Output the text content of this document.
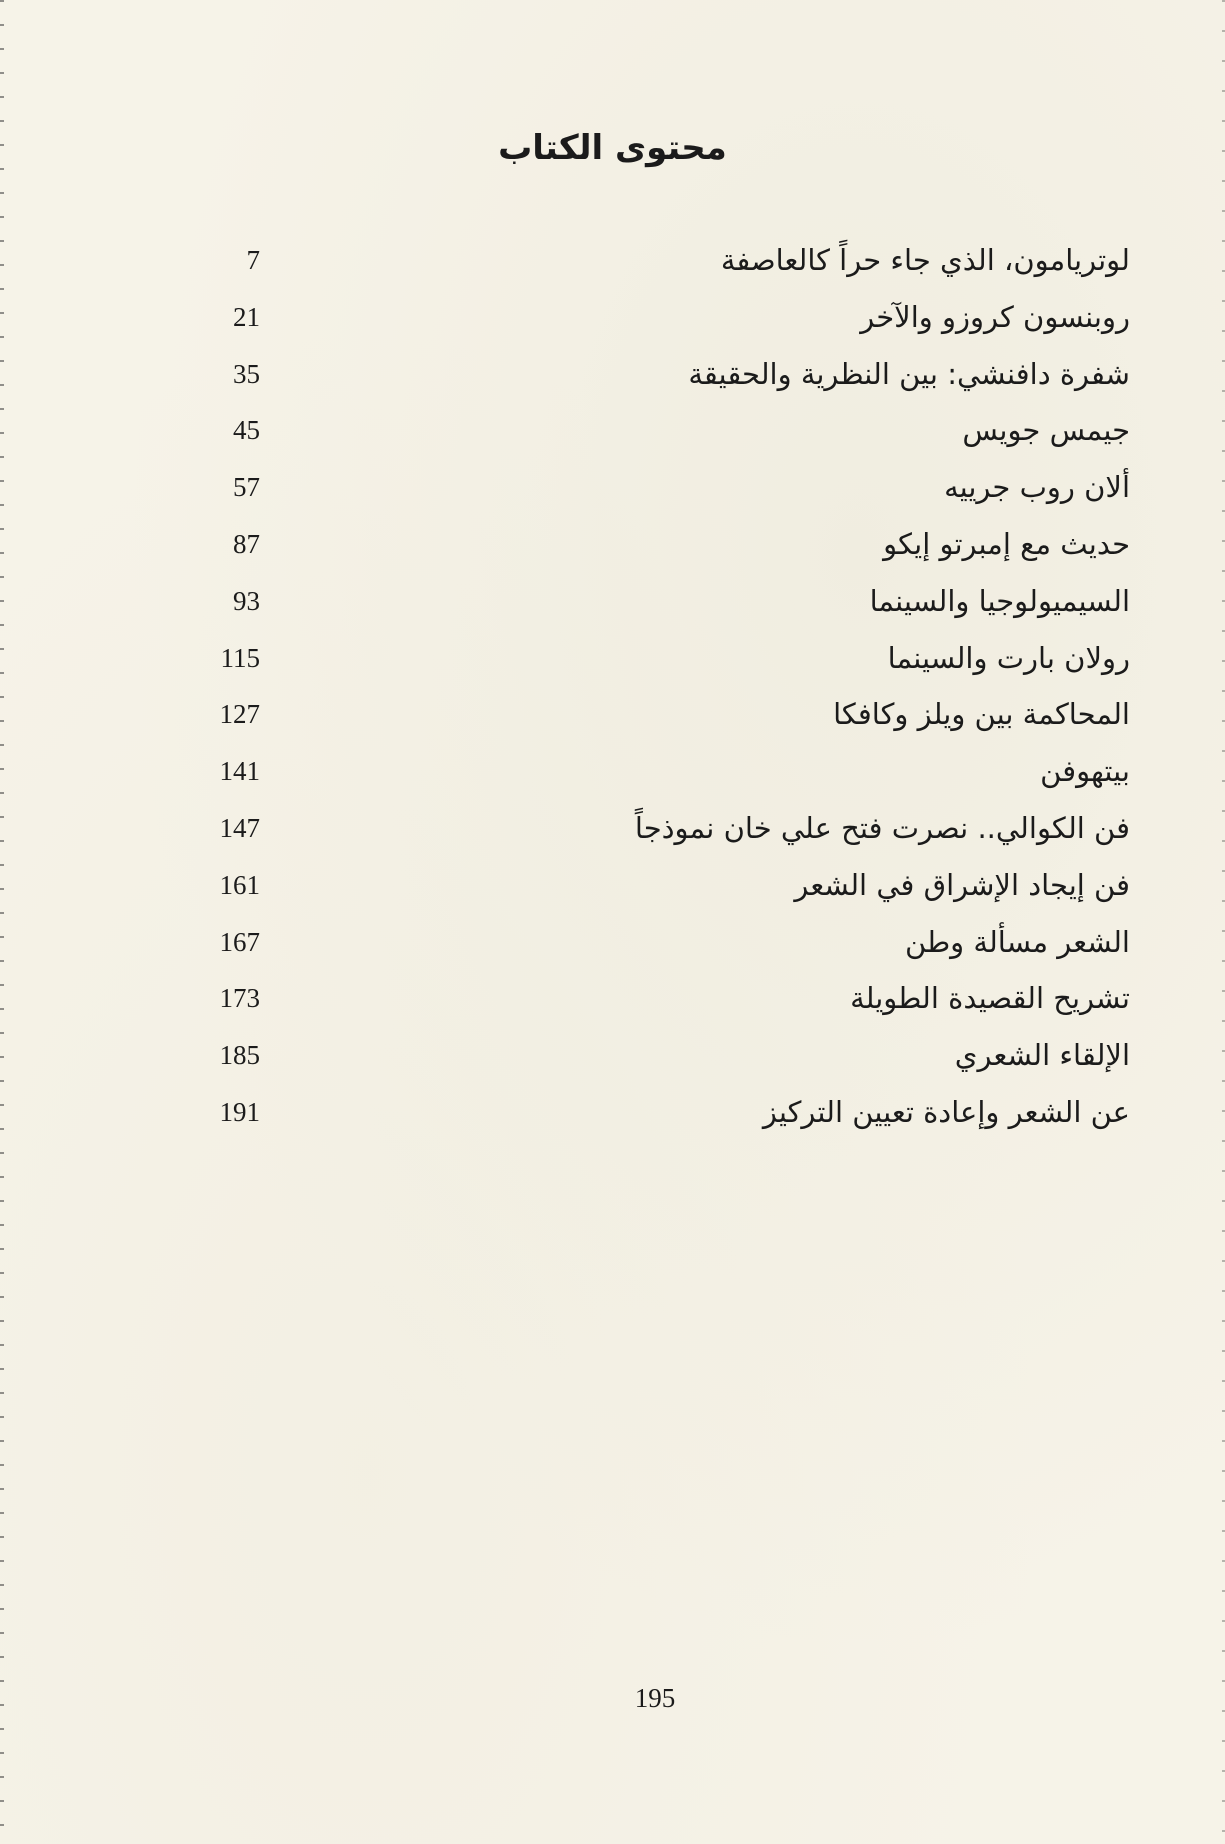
محتوى الكتاب
لوتريامون، الذي جاء حراً كالعاصفة
7
روبنسون كروزو والآخر
21
شفرة دافنشي: بين النظرية والحقيقة
35
جيمس جويس
45
ألان روب جرييه
57
حديث مع إمبرتو إيكو
87
السيميولوجيا والسينما
93
رولان بارت والسينما
115
المحاكمة بين ويلز وكافكا
127
بيتهوفن
141
فن الكوالي.. نصرت فتح علي خان نموذجاً
147
فن إيجاد الإشراق في الشعر
161
الشعر مسألة وطن
167
تشريح القصيدة الطويلة
173
الإلقاء الشعري
185
عن الشعر وإعادة تعيين التركيز
191
195
